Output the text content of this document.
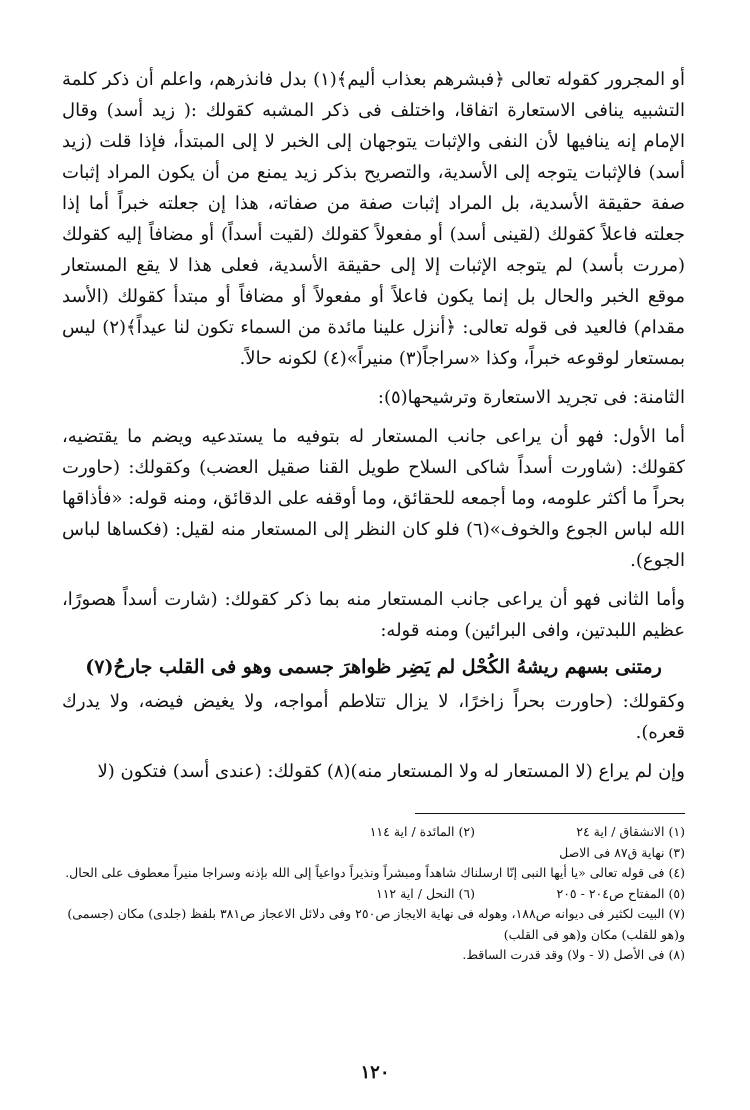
أو المجرور كقوله تعالى ﴿فبشرهم بعذاب أليم﴾(١) بدل فانذرهم، واعلم أن ذكر كلمة التشبيه ينافى الاستعارة اتفاقا، واختلف فى ذكر المشبه كقولك :( زيد أسد) وقال الإمام إنه ينافيها لأن النفى والإثبات يتوجهان إلى الخبر لا إلى المبتدأ، فإذا قلت (زيد أسد) فالإثبات يتوجه إلى الأسدية، والتصريح بذكر زيد يمنع من أن يكون المراد إثبات صفة حقيقة الأسدية، بل المراد إثبات صفة من صفاته، هذا إن جعلته خبراً أما إذا جعلته فاعلاً كقولك (لقينى أسد) أو مفعولاً كقولك (لقيت أسداً) أو مضافاً إليه كقولك (مررت بأسد) لم يتوجه الإثبات إلا إلى حقيقة الأسدية، فعلى هذا لا يقع المستعار موقع الخبر والحال بل إنما يكون فاعلاً أو مفعولاً أو مضافاً أو مبتدأ كقولك (الأسد مقدام) فالعيد فى قوله تعالى: ﴿أنزل علينا مائدة من السماء تكون لنا عيداً﴾(٢) ليس بمستعار لوقوعه خبراً، وكذا «سراجاً(٣) منيراً»(٤) لكونه حالاً.

الثامنة: فى تجريد الاستعارة وترشيحها(٥):

أما الأول: فهو أن يراعى جانب المستعار له بتوفيه ما يستدعيه ويضم ما يقتضيه، كقولك: (شاورت أسداً شاكى السلاح طويل القنا صقيل العضب) وكقولك: (حاورت بحراً ما أكثر علومه، وما أجمعه للحقائق، وما أوقفه على الدقائق، ومنه قوله: «فأذاقها الله لباس الجوع والخوف»(٦) فلو كان النظر إلى المستعار منه لقيل: (فكساها لباس الجوع).

وأما الثانى فهو أن يراعى جانب المستعار منه بما ذكر كقولك: (شارت أسداً هصورًا، عظيم اللبدتين، وافى البرائين) ومنه قوله:

رمتنى بسهم ريشهُ الكُحْل لم يَضِر ظواهرَ جسمى وهو فى القلب جارحُ(٧)

وكقولك: (حاورت بحراً زاخرًا، لا يزال تتلاطم أمواجه، ولا يغيض فيضه، ولا يدرك قعره).

وإن لم يراع (لا المستعار له ولا المستعار منه)(٨) كقولك: (عندى أسد) فتكون (لا

(١) الانشقاق / اية ٢٤
(٢) المائدة / اية ١١٤
(٣) نهاية ق٨٧ فى الاصل
(٤) فى قوله تعالى «يا أيها النبى إنّا ارسلناك شاهداً ومبشراً ونذيراً دواعياً إلى الله بإذنه وسراجا منيراً معطوف على الحال.
(٥) المفتاح ص٢٠٤ - ٢٠٥
(٦) النحل / اية ١١٢
(٧) البيت لكثير فى ديوانه ص١٨٨، وهوله فى نهاية الايجاز ص٢٥٠ وفى دلائل الاعجاز ص٣٨١ بلفظ (جلدى) مكان (جسمى) و(هو للقلب) مكان و(هو فى القلب)
(٨) فى الأصل (لا - ولا) وقد قدرت الساقط.
١٢٠
